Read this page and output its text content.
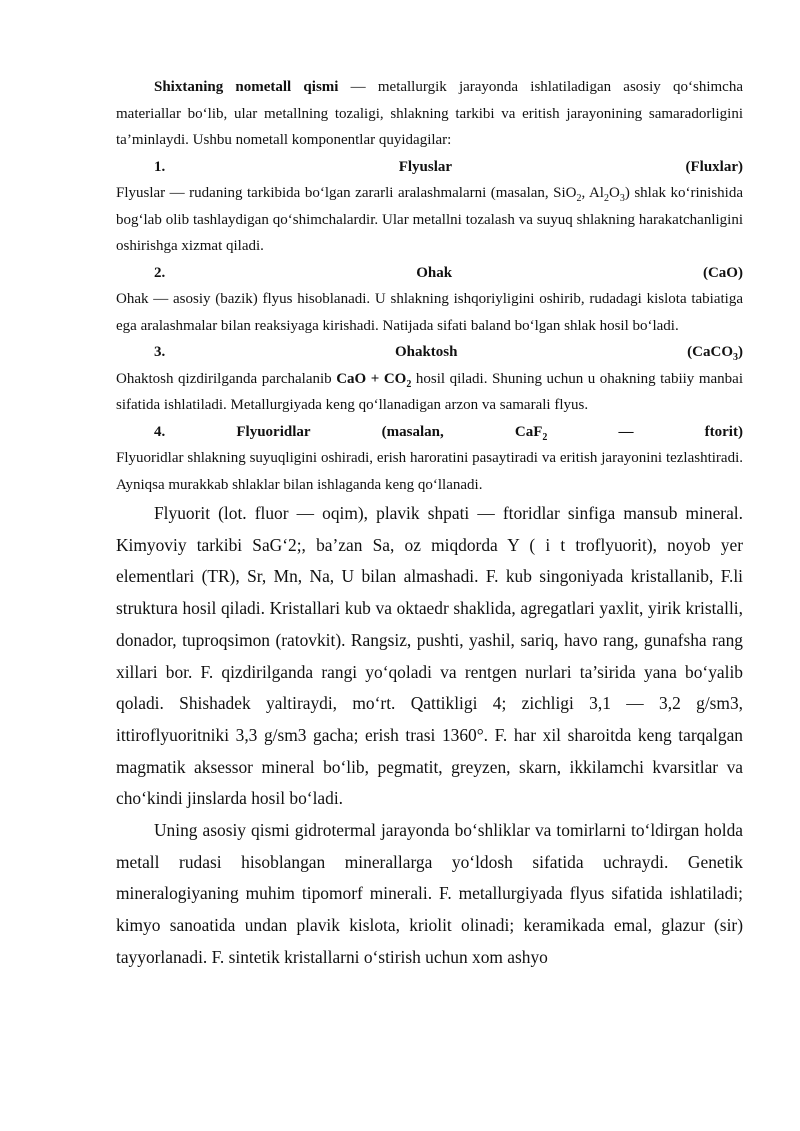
Shixtaning nometall qismi — metallurgik jarayonda ishlatiladigan asosiy qo‘shimcha materiallar bo‘lib, ular metallning tozaligi, shlakning tarkibi va eritish jarayonining samaradorligini ta’minlaydi. Ushbu nometall komponentlar quyidagilar:

1.	Flyuslar	(Fluxlar)

Flyuslar — rudaning tarkibida bo‘lgan zararli aralashmalarni (masalan, SiO$_2$, $Al_2O_3$) shlak ko‘rinishida bog‘lab olib tashlaydigan qo‘shimchalardir. Ular metallni tozalash va suyuq shlakning harakatchanligini oshirishga xizmat qiladi.

2.	Ohak	(CaO)

Ohak — asosiy (bazik) flyus hisoblanadi. U shlakning ishqoriyligini oshirib, rudadagi kislota tabiatiga ega aralashmalar bilan reaksiyaga kirishadi. Natijada sifati baland bo‘lgan shlak hosil bo‘ladi.

3.	Ohaktosh	(CaCO$_3$)

Ohaktosh qizdirilganda parchalanib CaO + $CO_2$ hosil qiladi. Shuning uchun u ohakning tabiiy manbai sifatida ishlatiladi. Metallurgiyada keng qo‘llanadigan arzon va samarali flyus.

4.	Flyuoridlar	(masalan,	CaF$_2$	—	ftorit)

Flyuoridlar shlakning suyuqligini oshiradi, erish haroratini pasaytiradi va eritish jarayonini tezlashtiradi. Ayniqsa murakkab shlaklar bilan ishlaganda keng qo‘llanadi.

Flyuorit (lot. fluor — oqim), plavik shpati — ftoridlar sinfiga mansub mineral. Kimyoviy tarkibi SaG‘2;, ba’zan Sa, oz miqdorda Y ( i t troflyuorit), noyob yer elementlari (TR), Sr, Mn, Na, U bilan almashadi. F. kub singoniyada kristallanib, F.li struktura hosil qiladi. Kristallari kub va oktaedr shaklida, agregatlari yaxlit, yirik kristalli, donador, tuproqsimon (ratovkit). Rangsiz, pushti, yashil, sariq, havo rang, gunafsha rang xillari bor. F. qizdirilganda rangi yo‘qoladi va rentgen nurlari ta’sirida yana bo‘yalib qoladi. Shishadek yaltiraydi, mo‘rt. Qattikligi 4; zichligi 3,1 — 3,2 g/sm3, ittiroflyuoritniki 3,3 g/sm3 gacha; erish trasi 1360°. F. har xil sharoitda keng tarqalgan magmatik aksessor mineral bo‘lib, pegmatit, greyzen, skarn, ikkilamchi kvarsitlar va cho‘kindi jinslarda hosil bo‘ladi.

Uning asosiy qismi gidrotermal jarayonda bo‘shliklar va tomirlarni to‘ldirgan holda metall rudasi hisoblangan minerallarga yo‘ldosh sifatida uchraydi. Genetik mineralogiyaning muhim tipomorf minerali. F. metallurgiyada flyus sifatida ishlatiladi; kimyo sanoatida undan plavik kislota, kriolit olinadi; keramikada emal, glazur (sir) tayyorlanadi. F. sintetik kristallarni o‘stirish uchun xom ashyo
